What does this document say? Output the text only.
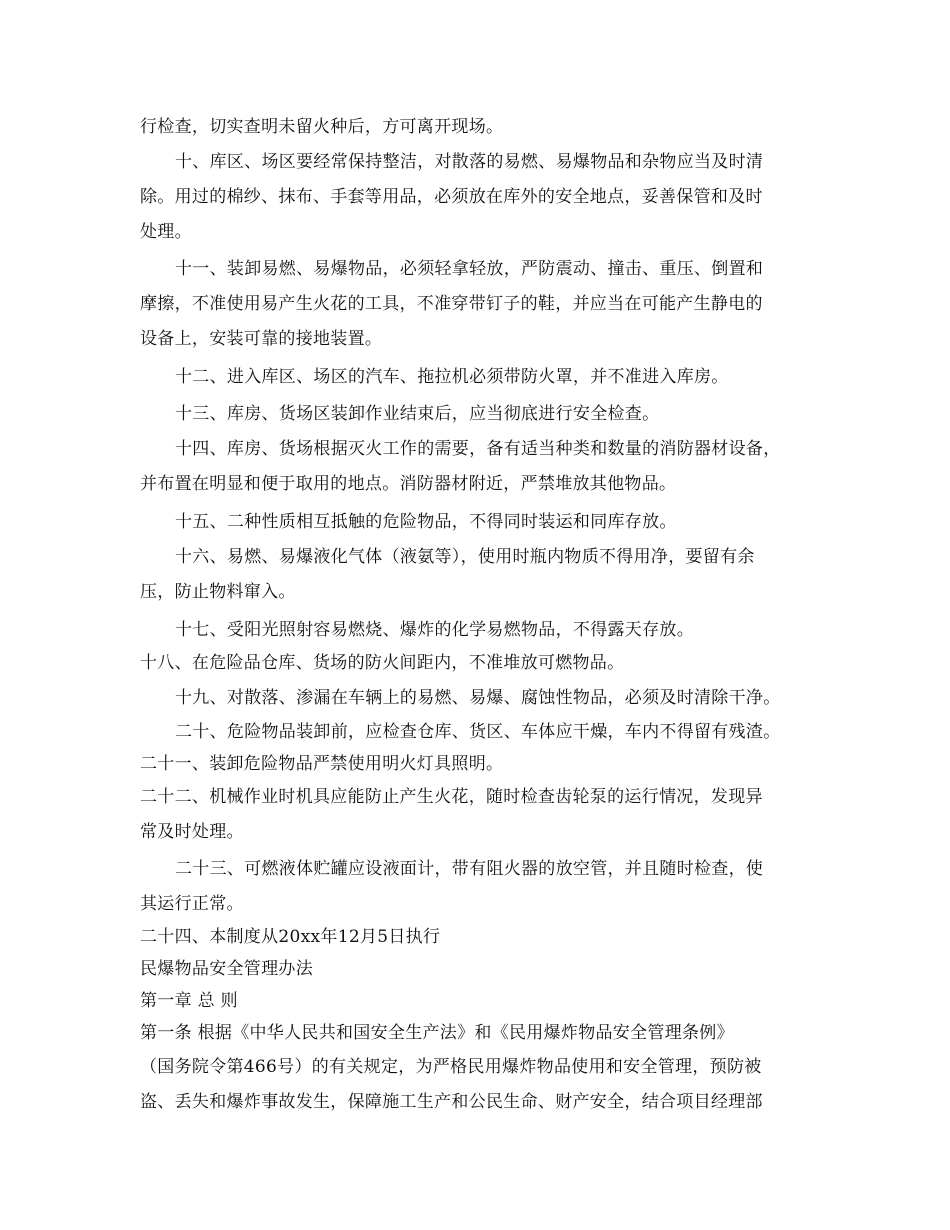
行检查，切实查明未留火种后，方可离开现场。
十、库区、场区要经常保持整洁，对散落的易燃、易爆物品和杂物应当及时清
除。用过的棉纱、抹布、手套等用品，必须放在库外的安全地点，妥善保管和及时
处理。
十一、装卸易燃、易爆物品，必须轻拿轻放，严防震动、撞击、重压、倒置和
摩擦，不准使用易产生火花的工具，不准穿带钉子的鞋，并应当在可能产生静电的
设备上，安装可靠的接地装置。
十二、进入库区、场区的汽车、拖拉机必须带防火罩，并不准进入库房。
十三、库房、货场区装卸作业结束后，应当彻底进行安全检查。
十四、库房、货场根据灭火工作的需要，备有适当种类和数量的消防器材设备，
并布置在明显和便于取用的地点。消防器材附近，严禁堆放其他物品。
十五、二种性质相互抵触的危险物品，不得同时装运和同库存放。
十六、易燃、易爆液化气体（液氨等），使用时瓶内物质不得用净，要留有余
压，防止物料窜入。
十七、受阳光照射容易燃烧、爆炸的化学易燃物品，不得露天存放。
十八、在危险品仓库、货场的防火间距内，不准堆放可燃物品。
十九、对散落、渗漏在车辆上的易燃、易爆、腐蚀性物品，必须及时清除干净。
二十、危险物品装卸前，应检查仓库、货区、车体应干燥，车内不得留有残渣。
二十一、装卸危险物品严禁使用明火灯具照明。
二十二、机械作业时机具应能防止产生火花，随时检查齿轮泵的运行情况，发现异
常及时处理。
二十三、可燃液体贮罐应设液面计，带有阻火器的放空管，并且随时检查，使
其运行正常。
二十四、本制度从20xx年12月5日执行
民爆物品安全管理办法
第一章 总 则
第一条 根据《中华人民共和国安全生产法》和《民用爆炸物品安全管理条例》
（国务院令第466号）的有关规定，为严格民用爆炸物品使用和安全管理，预防被
盗、丢失和爆炸事故发生，保障施工生产和公民生命、财产安全，结合项目经理部
